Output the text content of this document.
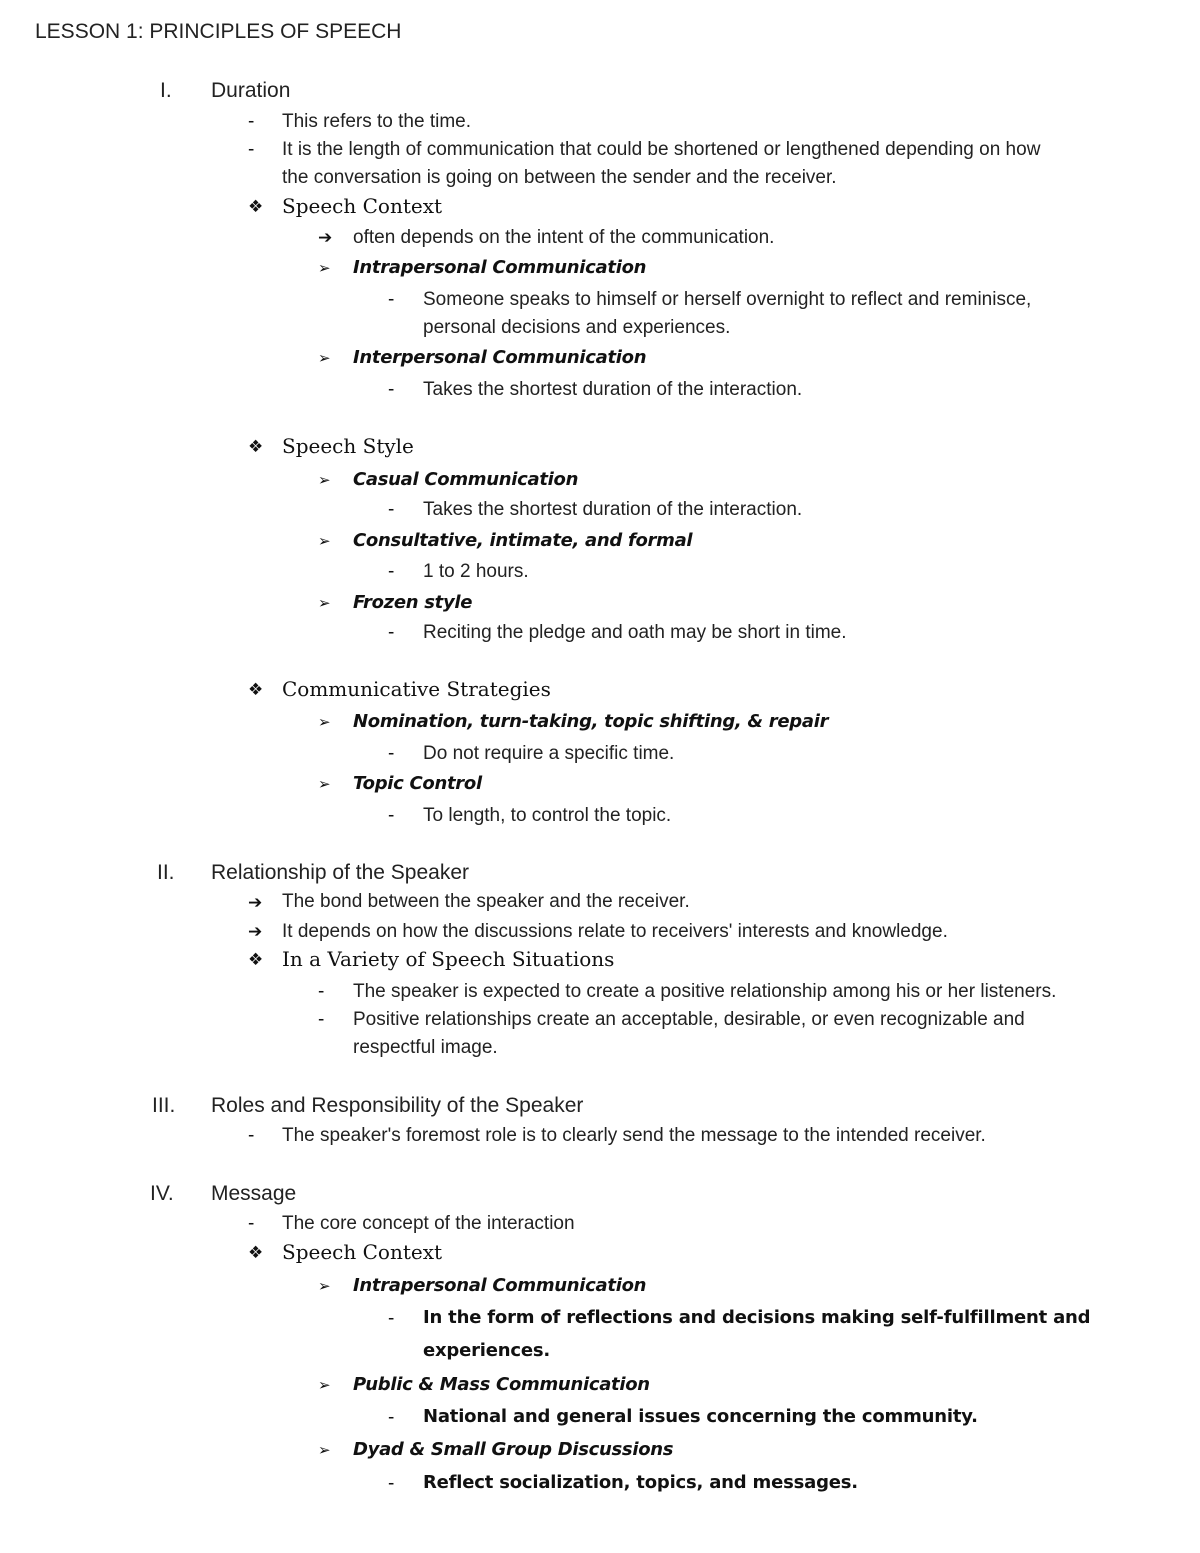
LESSON 1: PRINCIPLES OF SPEECH
I. Duration
- This refers to the time.
- It is the length of communication that could be shortened or lengthened depending on how
the conversation is going on between the sender and the receiver.
❖ Speech Context
➔ often depends on the intent of the communication.
➢ Intrapersonal Communication
- Someone speaks to himself or herself overnight to reflect and reminisce,
personal decisions and experiences.
➢ Interpersonal Communication
- Takes the shortest duration of the interaction.
❖ Speech Style
➢ Casual Communication
- Takes the shortest duration of the interaction.
➢ Consultative, intimate, and formal
- 1 to 2 hours.
➢ Frozen style
- Reciting the pledge and oath may be short in time.
❖ Communicative Strategies
➢ Nomination, turn-taking, topic shifting, & repair
- Do not require a specific time.
➢ Topic Control
- To length, to control the topic.
II. Relationship of the Speaker
➔ The bond between the speaker and the receiver.
➔ It depends on how the discussions relate to receivers' interests and knowledge.
❖ In a Variety of Speech Situations
- The speaker is expected to create a positive relationship among his or her listeners.
- Positive relationships create an acceptable, desirable, or even recognizable and
respectful image.
III. Roles and Responsibility of the Speaker
- The speaker's foremost role is to clearly send the message to the intended receiver.
IV. Message
- The core concept of the interaction
❖ Speech Context
➢ Intrapersonal Communication
- In the form of reflections and decisions making self-fulfillment and
experiences.
➢ Public & Mass Communication
- National and general issues concerning the community.
➢ Dyad & Small Group Discussions
- Reflect socialization, topics, and messages.
